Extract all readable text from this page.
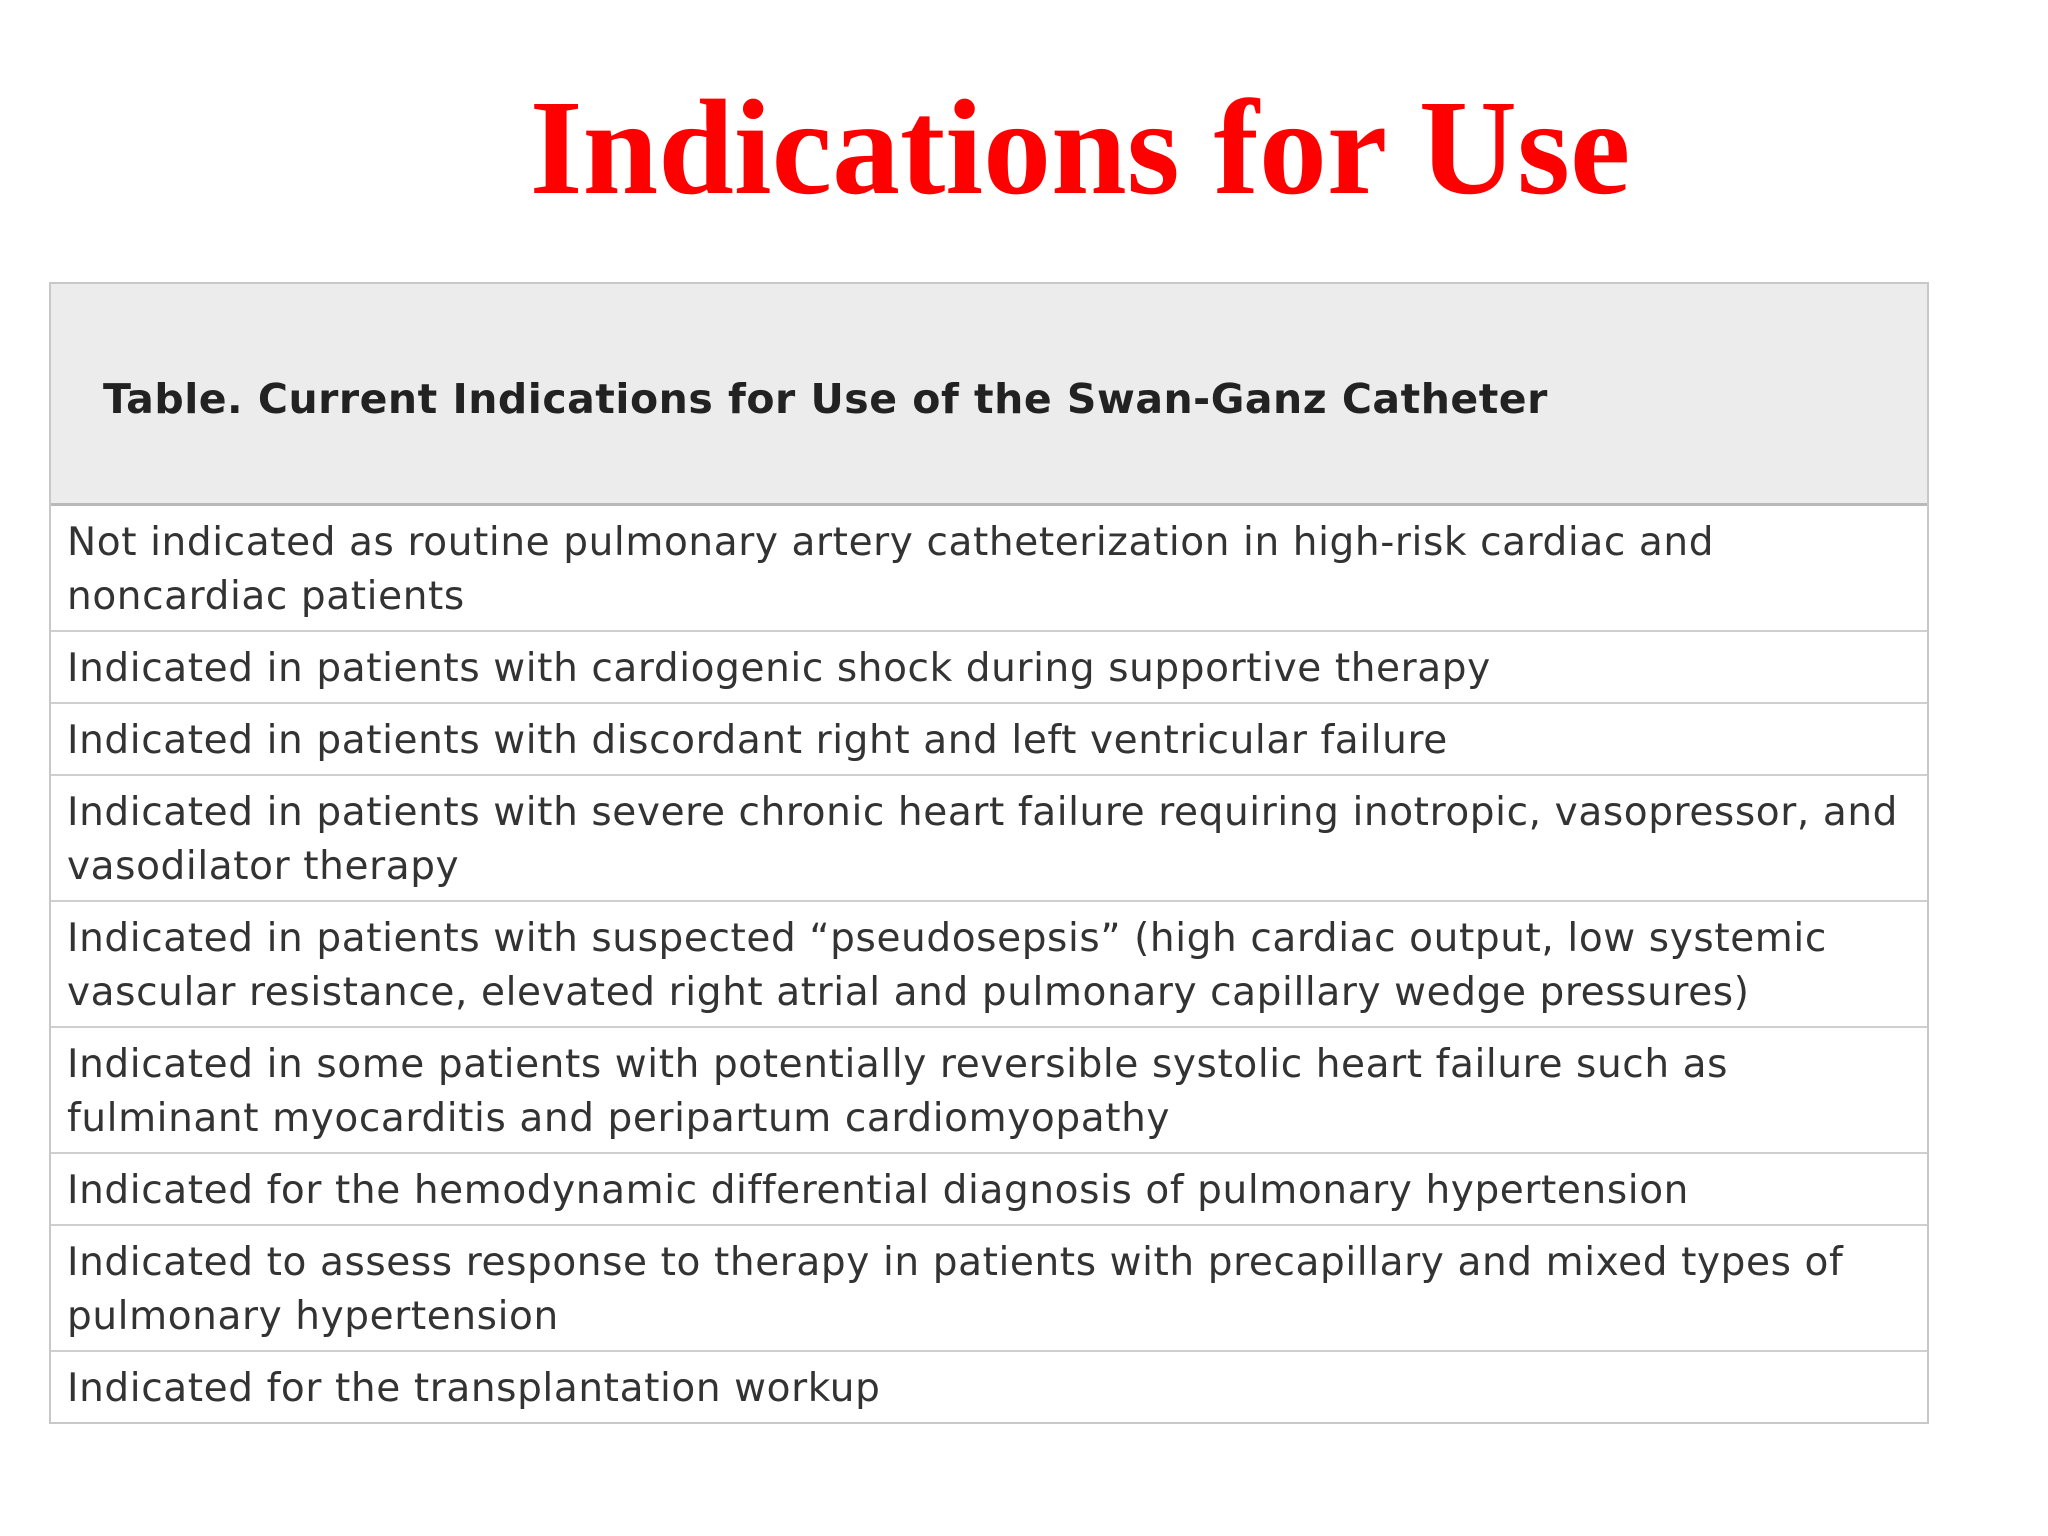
Indications for Use
Table. Current Indications for Use of the Swan-Ganz Catheter
Not indicated as routine pulmonary artery catheterization in high-risk cardiac and noncardiac patients
Indicated in patients with cardiogenic shock during supportive therapy
Indicated in patients with discordant right and left ventricular failure
Indicated in patients with severe chronic heart failure requiring inotropic, vasopressor, and vasodilator therapy
Indicated in patients with suspected “pseudosepsis” (high cardiac output, low systemic vascular resistance, elevated right atrial and pulmonary capillary wedge pressures)
Indicated in some patients with potentially reversible systolic heart failure such as fulminant myocarditis and peripartum cardiomyopathy
Indicated for the hemodynamic differential diagnosis of pulmonary hypertension
Indicated to assess response to therapy in patients with precapillary and mixed types of pulmonary hypertension
Indicated for the transplantation workup
